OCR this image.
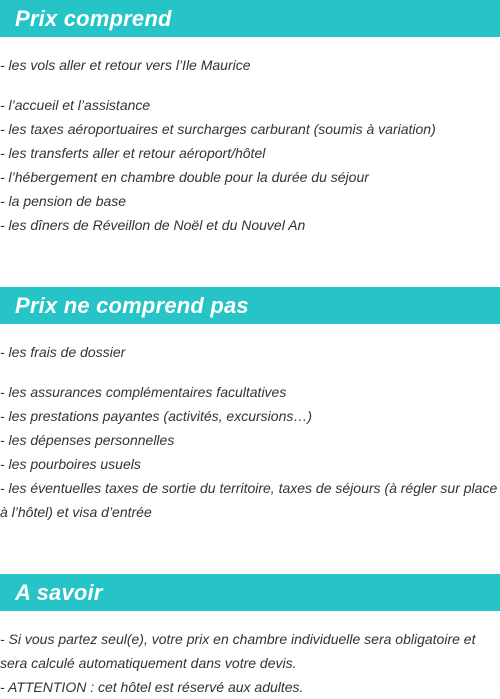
Prix comprend
- les vols aller et retour vers l’Ile Maurice
- l’accueil et l’assistance
- les taxes aéroportuaires et surcharges carburant (soumis à variation)
- les transferts aller et retour aéroport/hôtel
- l’hébergement en chambre double pour la durée du séjour
- la pension de base
- les dîners de Réveillon de Noël et du Nouvel An
Prix ne comprend pas
- les frais de dossier
- les assurances complémentaires facultatives
- les prestations payantes (activités, excursions…)
- les dépenses personnelles
- les pourboires usuels
- les éventuelles taxes de sortie du territoire, taxes de séjours (à régler sur place à l’hôtel) et visa d’entrée
A savoir
- Si vous partez seul(e), votre prix en chambre individuelle sera obligatoire et sera calculé automatiquement dans votre devis.
- ATTENTION : cet hôtel est réservé aux adultes.
